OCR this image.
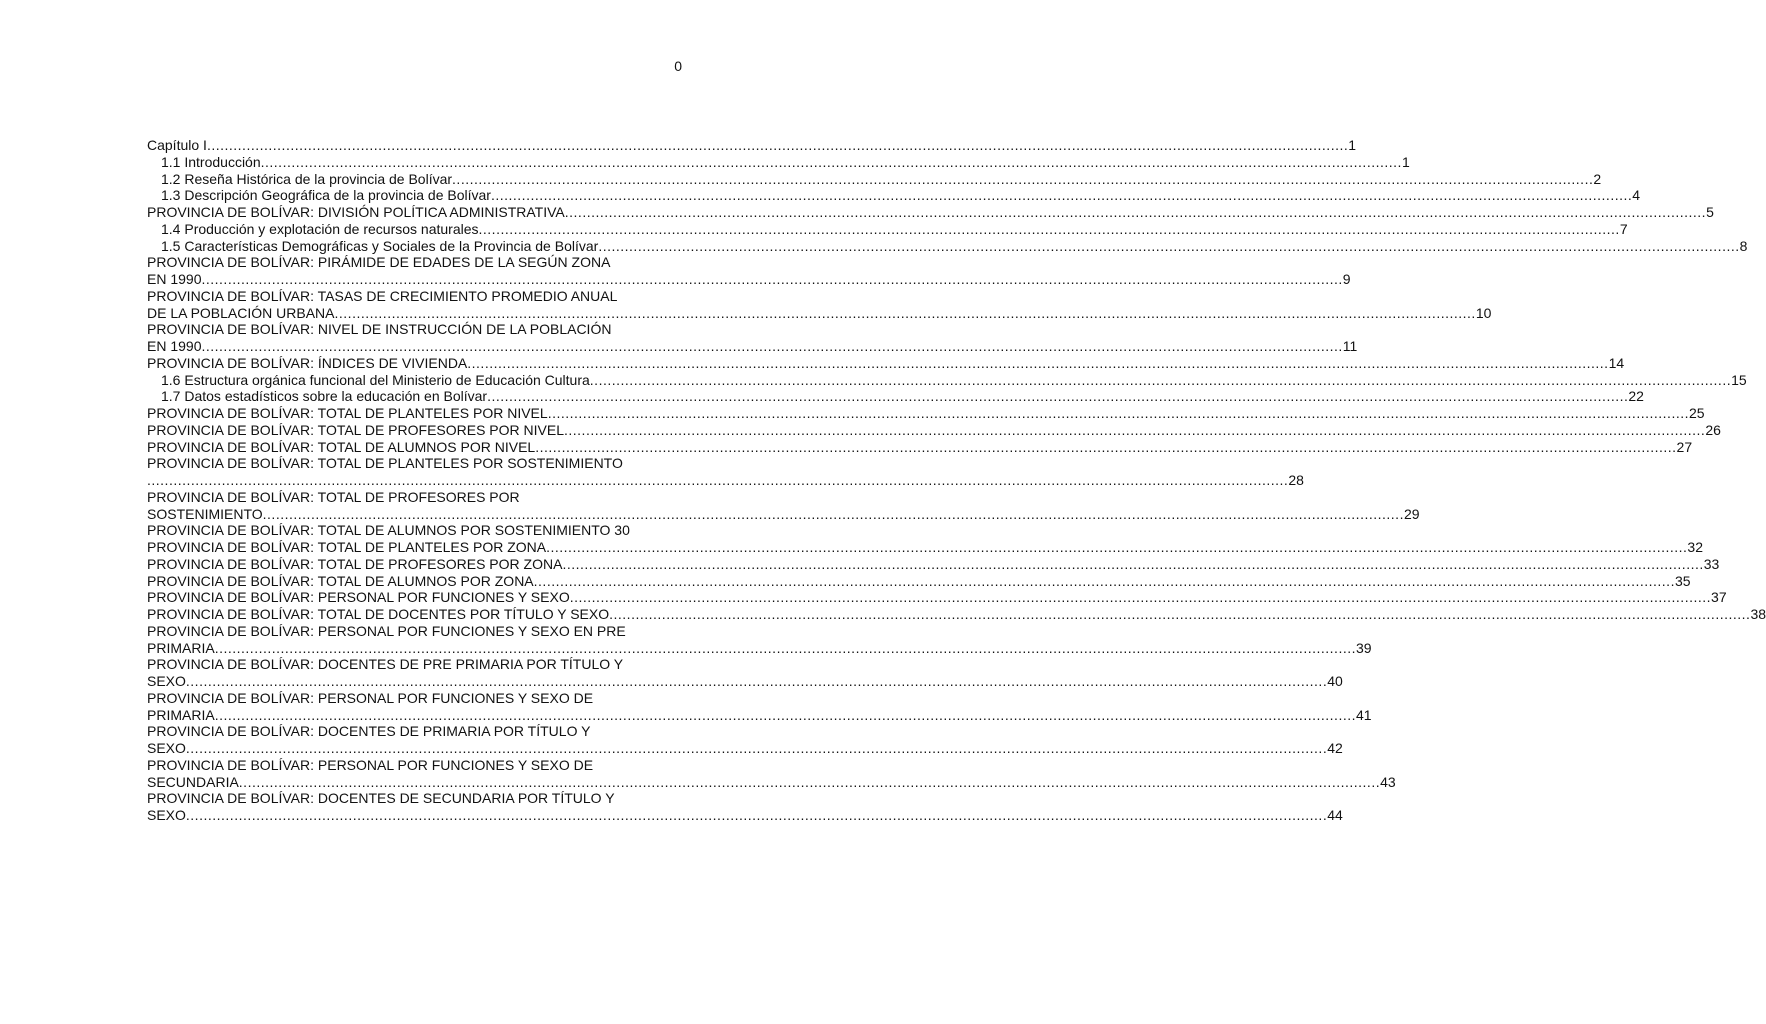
0
Capítulo I .................................................................................................................................................................................................................................................................... 1
1.1 Introducción .................................................................................................................................................................................................................................................................... 1
1.2 Reseña Histórica de la provincia de Bolívar .................................................................................................................................................................................................................................................................... 2
1.3 Descripción Geográfica de la provincia de Bolívar .................................................................................................................................................................................................................................................................... 4
PROVINCIA DE BOLÍVAR: DIVISIÓN POLÍTICA ADMINISTRATIVA .................................................................................................................................................................................................................................................................... 5
1.4 Producción y explotación de recursos naturales .................................................................................................................................................................................................................................................................... 7
1.5 Características Demográficas y Sociales de la Provincia de Bolívar .................................................................................................................................................................................................................................................................... 8
PROVINCIA DE BOLÍVAR: PIRÁMIDE DE EDADES DE LA SEGÚN ZONA
EN 1990 .................................................................................................................................................................................................................................................................... 9
PROVINCIA DE BOLÍVAR: TASAS DE CRECIMIENTO PROMEDIO ANUAL
DE LA POBLACIÓN URBANA .................................................................................................................................................................................................................................................................... 10
PROVINCIA DE BOLÍVAR: NIVEL DE INSTRUCCIÓN DE LA POBLACIÓN
EN 1990 .................................................................................................................................................................................................................................................................... 11
PROVINCIA DE BOLÍVAR: ÍNDICES DE VIVIENDA .................................................................................................................................................................................................................................................................... 14
1.6 Estructura orgánica funcional del Ministerio de Educación Cultura .................................................................................................................................................................................................................................................................... 15
1.7 Datos estadísticos sobre la educación en Bolívar .................................................................................................................................................................................................................................................................... 22
PROVINCIA DE BOLÍVAR: TOTAL DE PLANTELES POR NIVEL .................................................................................................................................................................................................................................................................... 25
PROVINCIA DE BOLÍVAR: TOTAL DE PROFESORES POR NIVEL .................................................................................................................................................................................................................................................................... 26
PROVINCIA DE BOLÍVAR: TOTAL DE ALUMNOS POR NIVEL .................................................................................................................................................................................................................................................................... 27
PROVINCIA DE BOLÍVAR: TOTAL DE PLANTELES POR SOSTENIMIENTO
.................................................................................................................................................................................................................................................................... 28
PROVINCIA DE BOLÍVAR: TOTAL DE PROFESORES POR
SOSTENIMIENTO .................................................................................................................................................................................................................................................................... 29
PROVINCIA DE BOLÍVAR: TOTAL DE ALUMNOS POR SOSTENIMIENTO
30
PROVINCIA DE BOLÍVAR: TOTAL DE PLANTELES POR ZONA .................................................................................................................................................................................................................................................................... 32
PROVINCIA DE BOLÍVAR: TOTAL DE PROFESORES POR ZONA .................................................................................................................................................................................................................................................................... 33
PROVINCIA DE BOLÍVAR: TOTAL DE ALUMNOS POR ZONA .................................................................................................................................................................................................................................................................... 35
PROVINCIA DE BOLÍVAR: PERSONAL POR FUNCIONES Y SEXO .................................................................................................................................................................................................................................................................... 37
PROVINCIA DE BOLÍVAR: TOTAL DE DOCENTES POR TÍTULO Y SEXO .................................................................................................................................................................................................................................................................... 38
PROVINCIA DE BOLÍVAR: PERSONAL POR FUNCIONES Y SEXO EN PRE
PRIMARIA .................................................................................................................................................................................................................................................................... 39
PROVINCIA DE BOLÍVAR: DOCENTES DE PRE PRIMARIA POR TÍTULO Y
SEXO .................................................................................................................................................................................................................................................................... 40
PROVINCIA DE BOLÍVAR: PERSONAL POR FUNCIONES Y SEXO DE
PRIMARIA .................................................................................................................................................................................................................................................................... 41
PROVINCIA DE BOLÍVAR: DOCENTES DE PRIMARIA POR TÍTULO Y
SEXO .................................................................................................................................................................................................................................................................... 42
PROVINCIA DE BOLÍVAR: PERSONAL POR FUNCIONES Y SEXO DE
SECUNDARIA .................................................................................................................................................................................................................................................................... 43
PROVINCIA DE BOLÍVAR: DOCENTES DE SECUNDARIA POR TÍTULO Y
SEXO .................................................................................................................................................................................................................................................................... 44
